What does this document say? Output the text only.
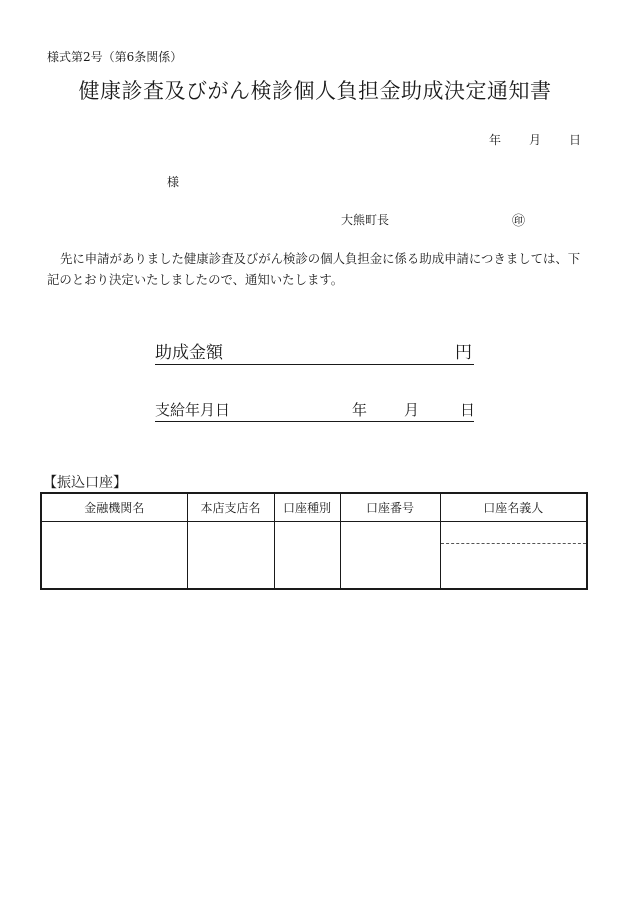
様式第2号（第6条関係）
健康診査及びがん検診個人負担金助成決定通知書
年 月 日
様
大熊町長	㊞
先に申請がありました健康診査及びがん検診の個人負担金に係る助成申請につきましては、下記のとおり決定いたしましたので、通知いたします。
助成金額	円
支給年月日	年 月	日
【振込口座】
金融機関名	本店支店名	口座種別	口座番号	口座名義人
